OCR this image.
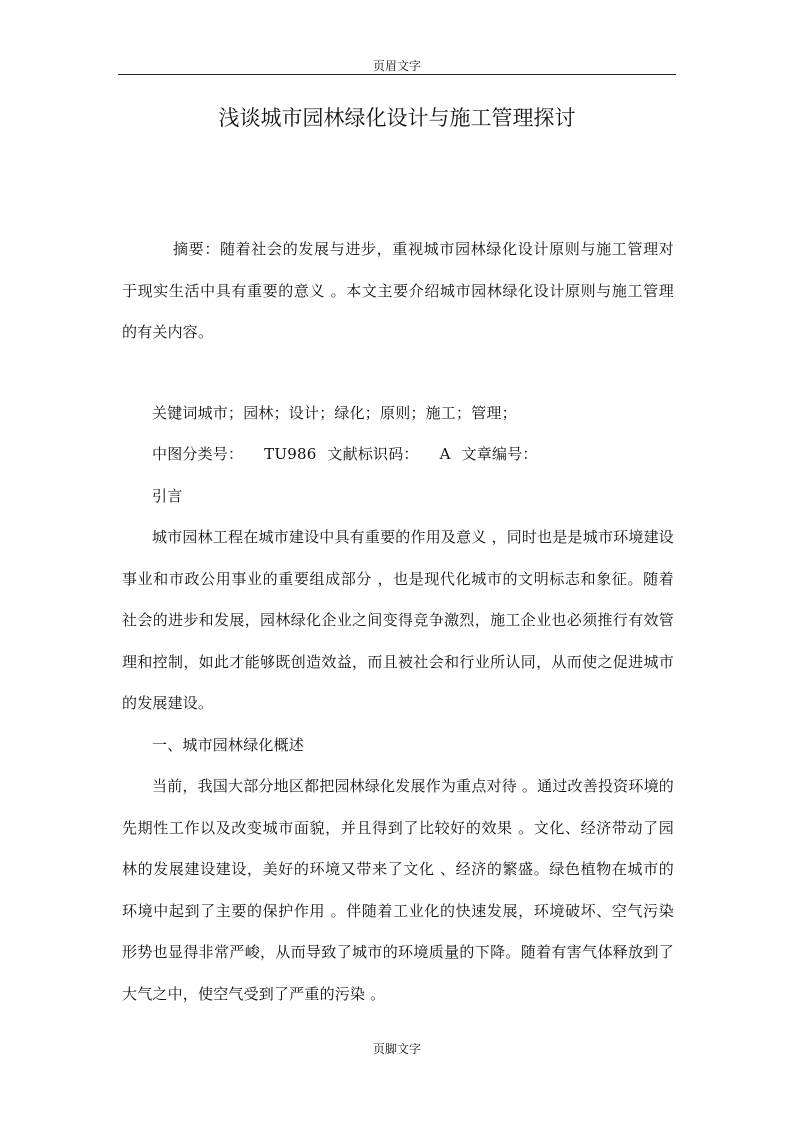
页眉文字
浅谈城市园林绿化设计与施工管理探讨

摘要：随着社会的发展与进步，重视城市园林绿化设计原则与施工管理对于现实生活中具有重要的意义 。本文主要介绍城市园林绿化设计原则与施工管理的有关内容。

关键词城市；园林；设计；绿化；原则；施工；管理；

中图分类号： TU986 文献标识码： A 文章编号：

引言

城市园林工程在城市建设中具有重要的作用及意义 ，同时也是是城市环境建设事业和市政公用事业的重要组成部分 ，也是现代化城市的文明标志和象征。随着社会的进步和发展，园林绿化企业之间变得竞争激烈，施工企业也必须推行有效管理和控制，如此才能够既创造效益，而且被社会和行业所认同，从而使之促进城市的发展建设。

一、城市园林绿化概述

当前，我国大部分地区都把园林绿化发展作为重点对待 。通过改善投资环境的先期性工作以及改变城市面貌，并且得到了比较好的效果 。文化、经济带动了园林的发展建设建设，美好的环境又带来了文化 、经济的繁盛。绿色植物在城市的环境中起到了主要的保护作用 。伴随着工业化的快速发展，环境破坏、空气污染形势也显得非常严峻，从而导致了城市的环境质量的下降。随着有害气体释放到了大气之中，使空气受到了严重的污染 。

页脚文字
